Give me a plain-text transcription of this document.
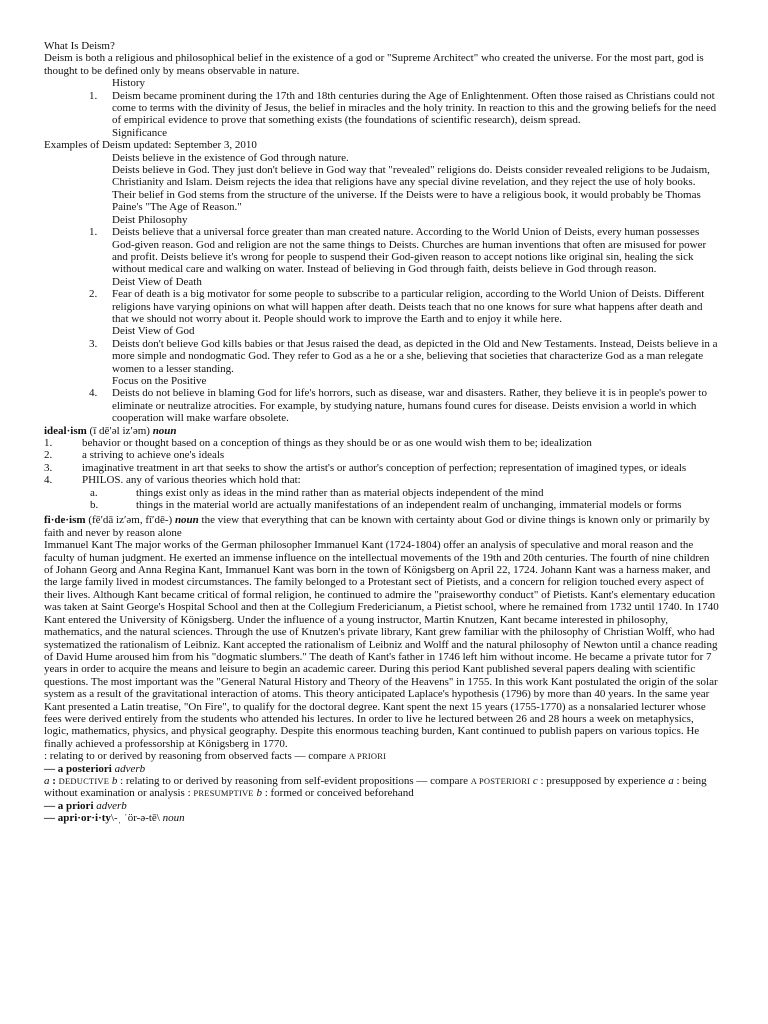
What Is Deism?

Deism is both a religious and philosophical belief in the existence of a god or "Supreme Architect" who created the universe. For the most part, god is thought to be defined only by means observable in nature.

History

1. Deism became prominent during the 17th and 18th centuries during the Age of Enlightenment. Often those raised as Christians could not come to terms with the divinity of Jesus, the belief in miracles and the holy trinity. In reaction to this and the growing beliefs for the need of empirical evidence to prove that something exists (the foundations of scientific research), deism spread.

Significance

Examples of Deism updated: September 3, 2010

Deists believe in the existence of God through nature.

Deists believe in God. They just don't believe in God way that "revealed" religions do. Deists consider revealed religions to be Judaism, Christianity and Islam. Deism rejects the idea that religions have any special divine revelation, and they reject the use of holy books. Their belief in God stems from the structure of the universe. If the Deists were to have a religious book, it would probably be Thomas Paine's "The Age of Reason."

Deist Philosophy

1. Deists believe that a universal force greater than man created nature. According to the World Union of Deists, every human possesses God-given reason. God and religion are not the same things to Deists. Churches are human inventions that often are misused for power and profit. Deists believe it's wrong for people to suspend their God-given reason to accept notions like original sin, healing the sick without medical care and walking on water. Instead of believing in God through faith, deists believe in God through reason.

Deist View of Death

2. Fear of death is a big motivator for some people to subscribe to a particular religion, according to the World Union of Deists. Different religions have varying opinions on what will happen after death. Deists teach that no one knows for sure what happens after death and that we should not worry about it. People should work to improve the Earth and to enjoy it while here.

Deist View of God

3. Deists don't believe God kills babies or that Jesus raised the dead, as depicted in the Old and New Testaments. Instead, Deists believe in a more simple and nondogmatic God. They refer to God as a he or a she, believing that societies that characterize God as a man relegate women to a lesser standing.

Focus on the Positive

4. Deists do not believe in blaming God for life's horrors, such as disease, war and disasters. Rather, they believe it is in people's power to eliminate or neutralize atrocities. For example, by studying nature, humans found cures for disease. Deists envision a world in which cooperation will make warfare obsolete.

ideal·ism (ī dē′əl iz′əm) noun

1.	behavior or thought based on a conception of things as they should be or as one would wish them to be; idealization
2.	a striving to achieve one's ideals
3.	imaginative treatment in art that seeks to show the artist's or author's conception of perfection; representation of imagined types, or ideals
4.	PHILOS. any of various theories which hold that:
a.	things exist only as ideas in the mind rather than as material objects independent of the mind
b.	things in the material world are actually manifestations of an independent realm of unchanging, immaterial models or forms

fi·de·ism (fē′dā iz′əm, fī′dē-) noun the view that everything that can be known with certainty about God or divine things is known only or primarily by faith and never by reason alone

Immanuel Kant The major works of the German philosopher Immanuel Kant (1724-1804) offer an analysis of speculative and moral reason and the faculty of human judgment. He exerted an immense influence on the intellectual movements of the 19th and 20th centuries. The fourth of nine children of Johann Georg and Anna Regina Kant, Immanuel Kant was born in the town of Königsberg on April 22, 1724. Johann Kant was a harness maker, and the large family lived in modest circumstances. The family belonged to a Protestant sect of Pietists, and a concern for religion touched every aspect of their lives. Although Kant became critical of formal religion, he continued to admire the "praiseworthy conduct" of Pietists. Kant's elementary education was taken at Saint George's Hospital School and then at the Collegium Fredericianum, a Pietist school, where he remained from 1732 until 1740. In 1740 Kant entered the University of Königsberg. Under the influence of a young instructor, Martin Knutzen, Kant became interested in philosophy, mathematics, and the natural sciences. Through the use of Knutzen's private library, Kant grew familiar with the philosophy of Christian Wolff, who had systematized the rationalism of Leibniz. Kant accepted the rationalism of Leibniz and Wolff and the natural philosophy of Newton until a chance reading of David Hume aroused him from his "dogmatic slumbers." The death of Kant's father in 1746 left him without income. He became a private tutor for 7 years in order to acquire the means and leisure to begin an academic career. During this period Kant published several papers dealing with scientific questions. The most important was the "General Natural History and Theory of the Heavens" in 1755. In this work Kant postulated the origin of the solar system as a result of the gravitational interaction of atoms. This theory anticipated Laplace's hypothesis (1796) by more than 40 years. In the same year Kant presented a Latin treatise, "On Fire", to qualify for the doctoral degree. Kant spent the next 15 years (1755-1770) as a nonsalaried lecturer whose fees were derived entirely from the students who attended his lectures. In order to live he lectured between 26 and 28 hours a week on metaphysics, logic, mathematics, physics, and physical geography. Despite this enormous teaching burden, Kant continued to publish papers on various topics. He finally achieved a professorship at Königsberg in 1770.

: relating to or derived by reasoning from observed facts — compare A PRIORI

— a posteriori adverb

a : DEDUCTIVE b : relating to or derived by reasoning from self-evident propositions — compare A POSTERIORI c : presupposed by experience a : being without examination or analysis : PRESUMPTIVE b : formed or conceived beforehand

— a priori adverb

— apri·or·i·ty\-ˌ ˈör-ə-tē\ noun
